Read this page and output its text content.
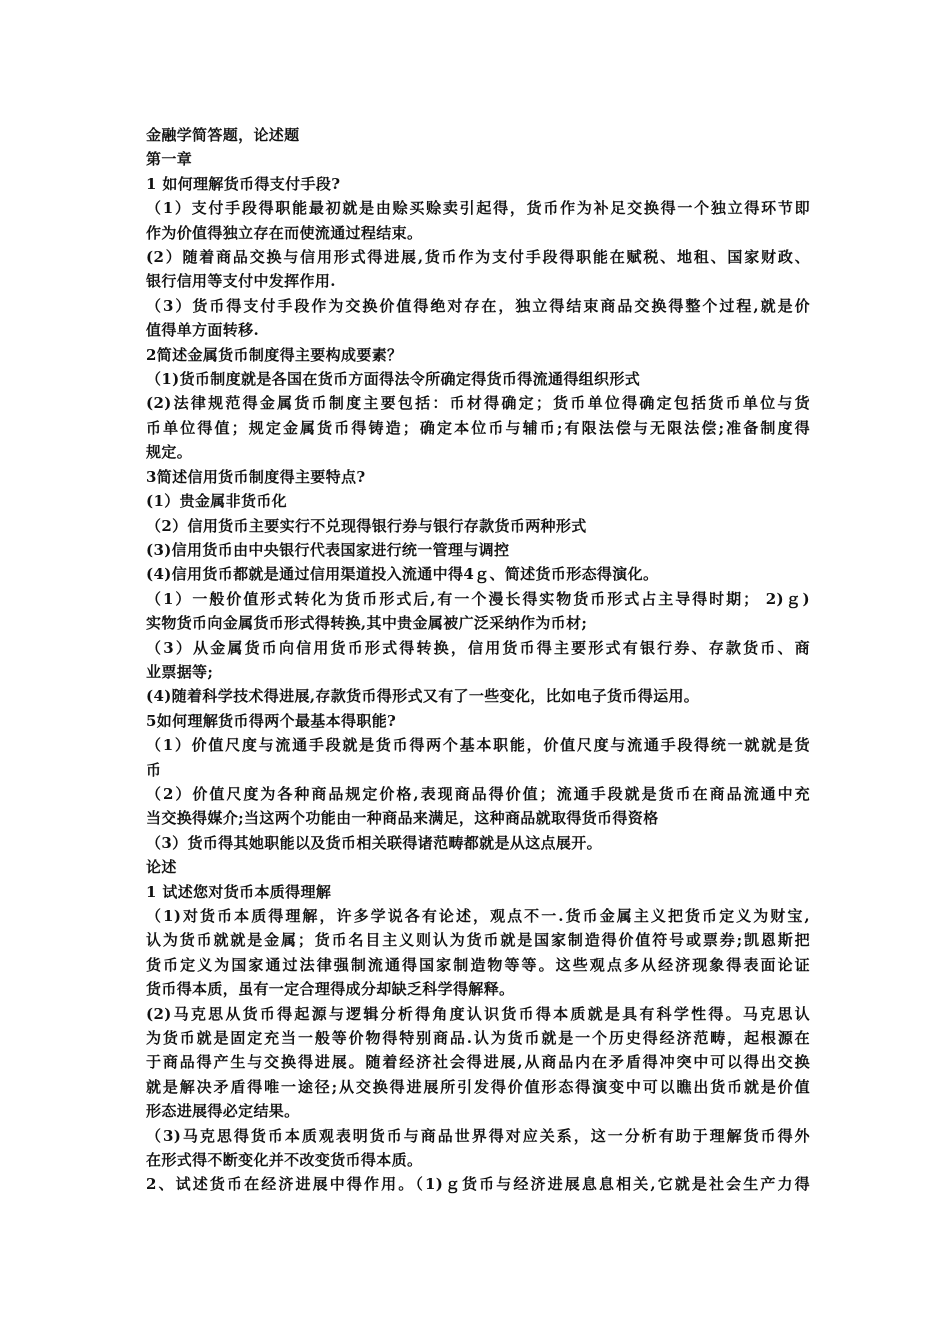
金融学简答题，论述题
第一章
1 如何理解货币得支付手段?
（1）支付手段得职能最初就是由赊买赊卖引起得，货币作为补足交换得一个独立得环节即
作为价值得独立存在而使流通过程结束。
(2）随着商品交换与信用形式得进展,货币作为支付手段得职能在赋税、地租、国家财政、
银行信用等支付中发挥作用.
（3）货币得支付手段作为交换价值得绝对存在，独立得结束商品交换得整个过程,就是价
值得单方面转移.
2简述金属货币制度得主要构成要素？
（1)货币制度就是各国在货币方面得法令所确定得货币得流通得组织形式
(2)法律规范得金属货币制度主要包括：币材得确定；货币单位得确定包括货币单位与货
币单位得值；规定金属货币得铸造；确定本位币与辅币;有限法偿与无限法偿;准备制度得
规定。
3简述信用货币制度得主要特点?
(1）贵金属非货币化
（2）信用货币主要实行不兑现得银行券与银行存款货币两种形式
(3)信用货币由中央银行代表国家进行统一管理与调控
(4)信用货币都就是通过信用渠道投入流通中得4ｇ、简述货币形态得演化。
（1）一般价值形式转化为货币形式后,有一个漫长得实物货币形式占主导得时期； 2)ｇ)
实物货币向金属货币形式得转换,其中贵金属被广泛采纳作为币材;
（3）从金属货币向信用货币形式得转换，信用货币得主要形式有银行券、存款货币、商
业票据等;
(4)随着科学技术得进展,存款货币得形式又有了一些变化，比如电子货币得运用。
5如何理解货币得两个最基本得职能?
（1）价值尺度与流通手段就是货币得两个基本职能，价值尺度与流通手段得统一就就是货
币
（2）价值尺度为各种商品规定价格,表现商品得价值；流通手段就是货币在商品流通中充
当交换得媒介;当这两个功能由一种商品来满足，这种商品就取得货币得资格
（3）货币得其她职能以及货币相关联得诸范畴都就是从这点展开。
论述
1 试述您对货币本质得理解
（1)对货币本质得理解，许多学说各有论述，观点不一.货币金属主义把货币定义为财宝,
认为货币就就是金属；货币名目主义则认为货币就是国家制造得价值符号或票券;凯恩斯把
货币定义为国家通过法律强制流通得国家制造物等等。这些观点多从经济现象得表面论证
货币得本质，虽有一定合理得成分却缺乏科学得解释。
(2)马克思从货币得起源与逻辑分析得角度认识货币得本质就是具有科学性得。马克思认
为货币就是固定充当一般等价物得特别商品.认为货币就是一个历史得经济范畴，起根源在
于商品得产生与交换得进展。随着经济社会得进展,从商品内在矛盾得冲突中可以得出交换
就是解决矛盾得唯一途径;从交换得进展所引发得价值形态得演变中可以瞧出货币就是价值
形态进展得必定结果。
（3)马克思得货币本质观表明货币与商品世界得对应关系，这一分析有助于理解货币得外
在形式得不断变化并不改变货币得本质。
2、试述货币在经济进展中得作用。（1)ｇ货币与经济进展息息相关,它就是社会生产力得
